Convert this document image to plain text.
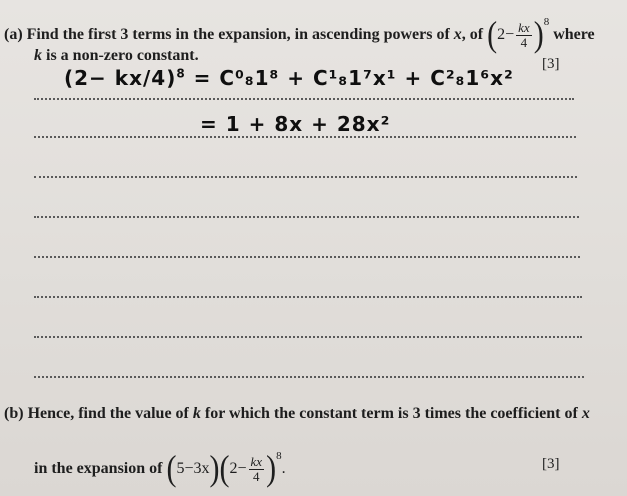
(a) Find the first 3 terms in the expansion, in ascending powers of x, of $(2- \frac{kx}{4} )^8$ where
k is a non-zero constant.	[3]
$(2- kx/4)^8 = C^0_81^8 + C^1_81^7x^1 + C^2_81^6x^2$
= 1 + 8x + 28x²
(b) Hence, find the value of k for which the constant term is 3 times the coefficient of x
in the expansion of $(5-3x)(2- \frac{kx}{4} )^8$.	[3]
